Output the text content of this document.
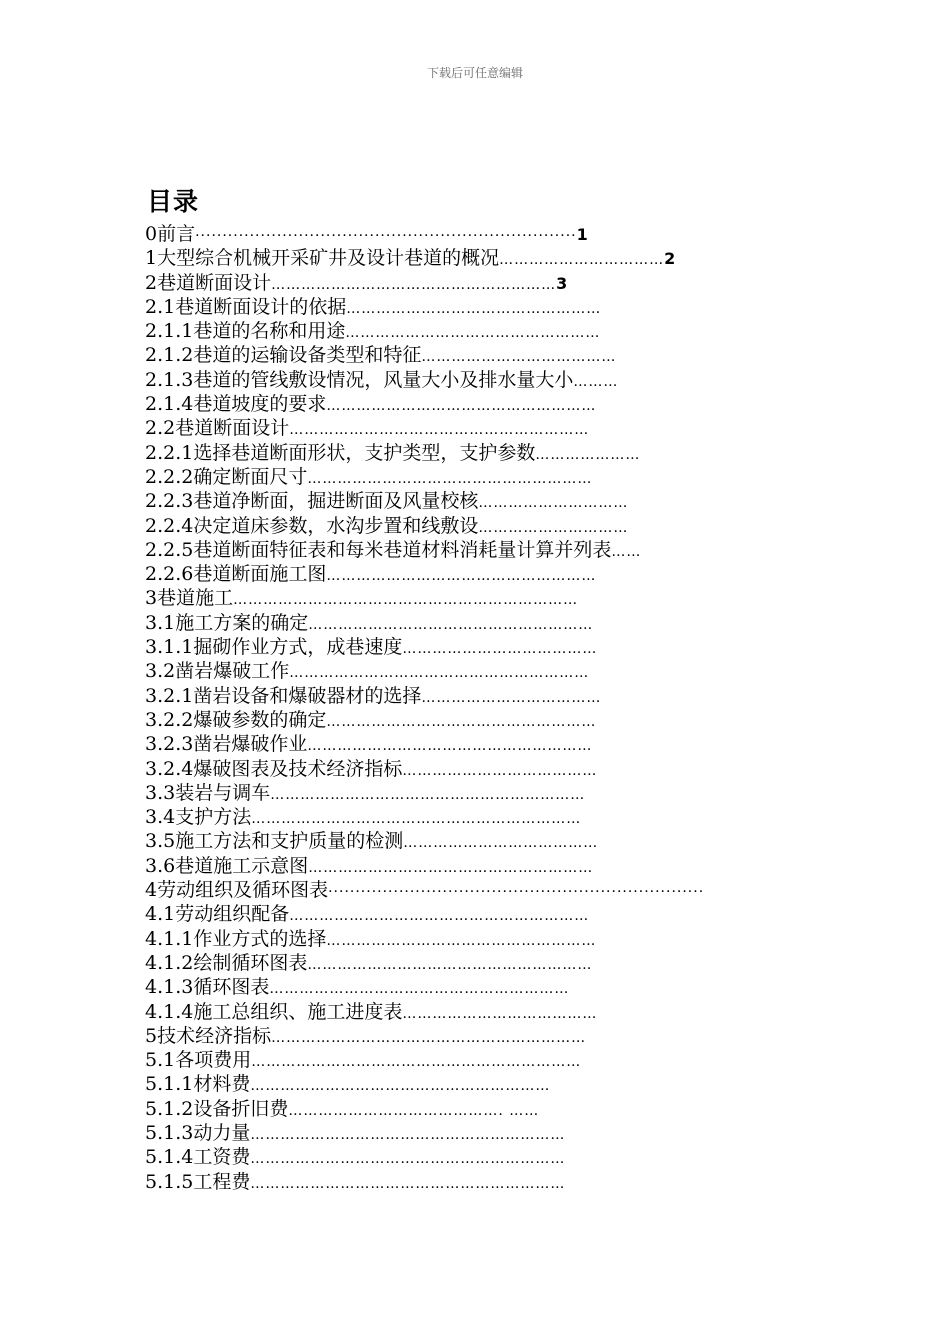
下载后可任意编辑
目录
0前言······································································1
1大型综合机械开采矿井及设计巷道的概况……………………………2
2巷道断面设计…………………………………………………3
2.1巷道断面设计的依据……………………………………………
2.1.1巷道的名称和用途……………………………………………
2.1.2巷道的运输设备类型和特征…………………………………
2.1.3巷道的管线敷设情况，风量大小及排水量大小………
2.1.4巷道坡度的要求………………………………………………
2.2巷道断面设计……………………………………………………
2.2.1选择巷道断面形状，支护类型，支护参数…………………
2.2.2确定断面尺寸…………………………………………………
2.2.3巷道净断面，掘进断面及风量校核…………………………
2.2.4决定道床参数，水沟步置和线敷设…………………………
2.2.5巷道断面特征表和每米巷道材料消耗量计算并列表……
2.2.6巷道断面施工图………………………………………………
3巷道施工……………………………………………………………
3.1施工方案的确定…………………………………………………
3.1.1掘砌作业方式，成巷速度…………………………………
3.2凿岩爆破工作……………………………………………………
3.2.1凿岩设备和爆破器材的选择………………………………
3.2.2爆破参数的确定………………………………………………
3.2.3凿岩爆破作业…………………………………………………
3.2.4爆破图表及技术经济指标…………………………………
3.3装岩与调车………………………………………………………
3.4支护方法…………………………………………………………
3.5施工方法和支护质量的检测…………………………………
3.6巷道施工示意图…………………………………………………
4劳动组织及循环图表·····································································
4.1劳动组织配备……………………………………………………
4.1.1作业方式的选择………………………………………………
4.1.2绘制循环图表…………………………………………………
4.1.3循环图表……………………………………………………
4.1.4施工总组织、施工进度表…………………………………
5技术经济指标………………………………………………………
5.1各项费用…………………………………………………………
5.1.1材料费……………………………………………………
5.1.2设备折旧费……………………………………. ……
5.1.3动力量………………………………………………………
5.1.4工资费………………………………………………………
5.1.5工程费………………………………………………………
